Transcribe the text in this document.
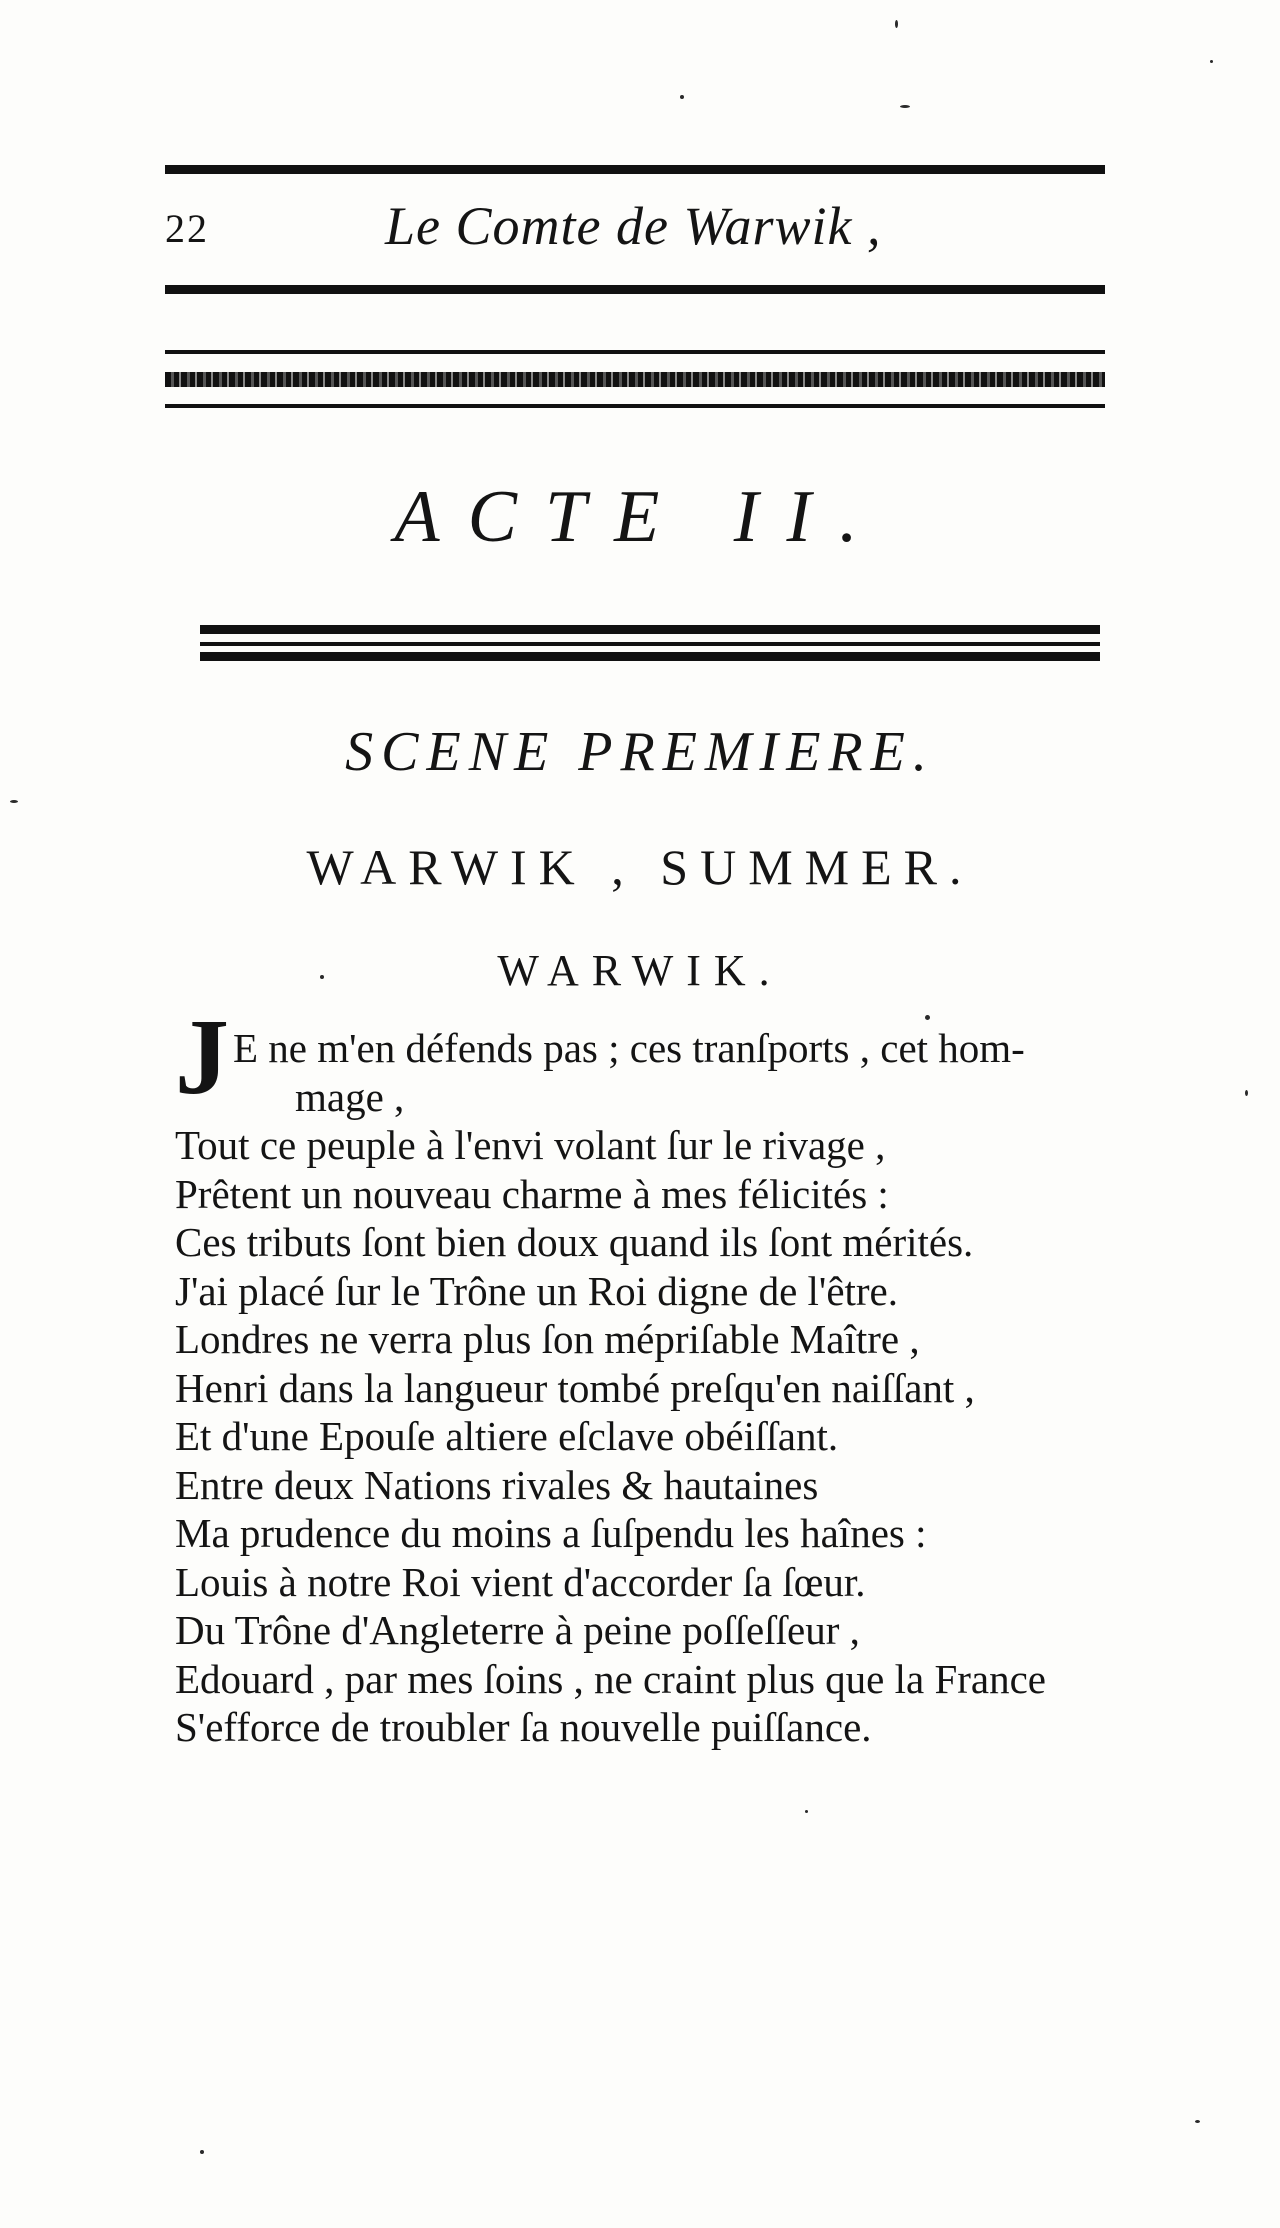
22	Le Comte de Warwik ,
ACTE II.
SCENE PREMIERE.
WARWIK , SUMMER.
WARWIK.
J E ne m'en défends pas ; ces tranſports , cet hom-
mage ,
Tout ce peuple à l'envi volant ſur le rivage ,
Prêtent un nouveau charme à mes félicités :
Ces tributs ſont bien doux quand ils ſont mérités.
J'ai placé ſur le Trône un Roi digne de l'être.
Londres ne verra plus ſon mépriſable Maître ,
Henri dans la langueur tombé preſqu'en naiſſant ,
Et d'une Epouſe altiere eſclave obéiſſant.
Entre deux Nations rivales & hautaines
Ma prudence du moins a ſuſpendu les haînes :
Louis à notre Roi vient d'accorder ſa ſœur.
Du Trône d'Angleterre à peine poſſeſſeur ,
Edouard , par mes ſoins , ne craint plus que la France
S'efforce de troubler ſa nouvelle puiſſance.
